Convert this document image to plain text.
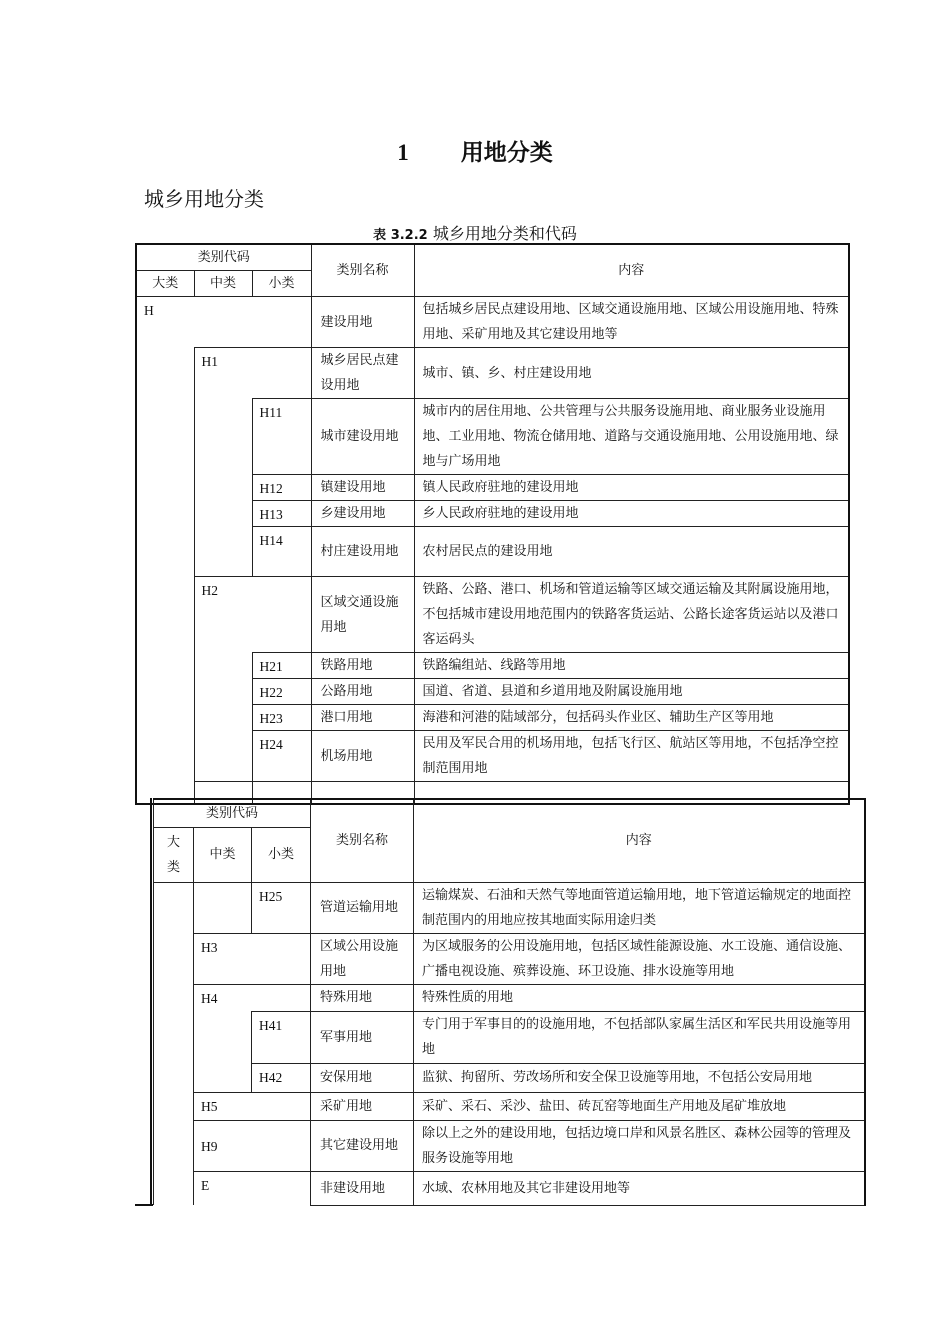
1 用地分类
城乡用地分类
表 3.2.2 城乡用地分类和代码
类别代码			类别名称	内容
大类	中类	小类		
H			建设用地	包括城乡居民点建设用地、区域交通设施用地、区域公用设施用地、特殊用地、采矿用地及其它建设用地等
	H1		城乡居民点建设用地	城市、镇、乡、村庄建设用地
		H11	城市建设用地	城市内的居住用地、公共管理与公共服务设施用地、商业服务业设施用地、工业用地、物流仓储用地、道路与交通设施用地、公用设施用地、绿地与广场用地
		H12	镇建设用地	镇人民政府驻地的建设用地
		H13	乡建设用地	乡人民政府驻地的建设用地
		H14	村庄建设用地	农村居民点的建设用地
	H2		区域交通设施用地	铁路、公路、港口、机场和管道运输等区域交通运输及其附属设施用地，不包括城市建设用地范围内的铁路客货运站、公路长途客货运站以及港口客运码头
		H21	铁路用地	铁路编组站、线路等用地
		H22	公路用地	国道、省道、县道和乡道用地及附属设施用地
		H23	港口用地	海港和河港的陆域部分，包括码头作业区、辅助生产区等用地
		H24	机场用地	民用及军民合用的机场用地，包括飞行区、航站区等用地，不包括净空控制范围用地

类别代码			类别名称	内容
大
类	中类	小类		
		H25	管道运输用地	运输煤炭、石油和天然气等地面管道运输用地，地下管道运输规定的地面控制范围内的用地应按其地面实际用途归类
	H3		区域公用设施用地	为区域服务的公用设施用地，包括区域性能源设施、水工设施、通信设施、广播电视设施、殡葬设施、环卫设施、排水设施等用地
	H4		特殊用地	特殊性质的用地
		H41	军事用地	专门用于军事目的的设施用地，不包括部队家属生活区和军民共用设施等用地
		H42	安保用地	监狱、拘留所、劳改场所和安全保卫设施等用地，不包括公安局用地
	H5		采矿用地	采矿、采石、采沙、盐田、砖瓦窑等地面生产用地及尾矿堆放地
	H9		其它建设用地	除以上之外的建设用地，包括边境口岸和风景名胜区、森林公园等的管理及服务设施等用地
	E		非建设用地	水域、农林用地及其它非建设用地等
